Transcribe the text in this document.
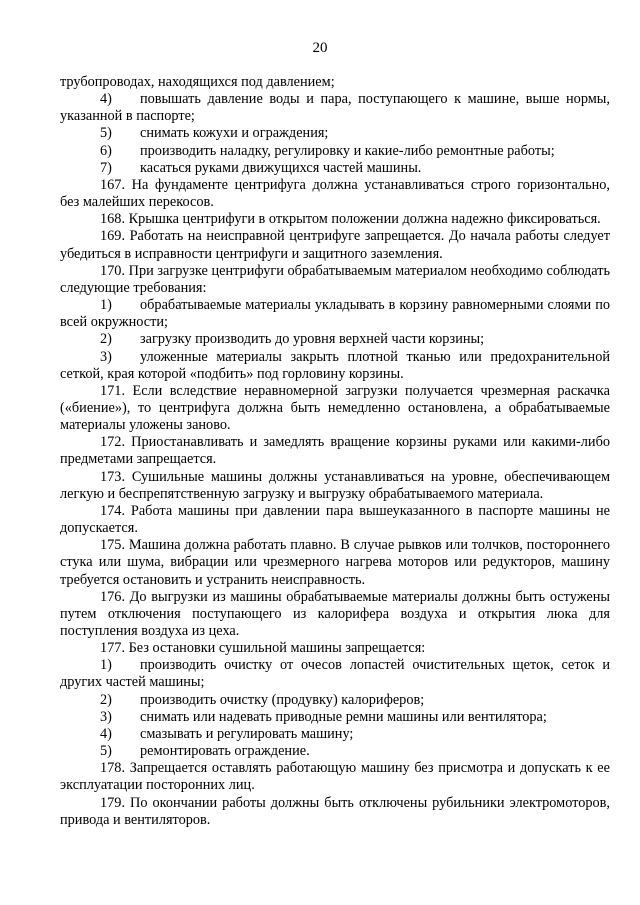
20
трубопроводах, находящихся под давлением;
4) повышать давление воды и пара, поступающего к машине, выше нормы, указанной в паспорте;
5) снимать кожухи и ограждения;
6) производить наладку, регулировку и какие-либо ремонтные работы;
7) касаться руками движущихся частей машины.
167. На фундаменте центрифуга должна устанавливаться строго горизонтально, без малейших перекосов.
168. Крышка центрифуги в открытом положении должна надежно фиксироваться.
169. Работать на неисправной центрифуге запрещается. До начала работы следует убедиться в исправности центрифуги и защитного заземления.
170. При загрузке центрифуги обрабатываемым материалом необходимо соблюдать следующие требования:
1) обрабатываемые материалы укладывать в корзину равномерными слоями по всей окружности;
2) загрузку производить до уровня верхней части корзины;
3) уложенные материалы закрыть плотной тканью или предохранительной сеткой, края которой «подбить» под горловину корзины.
171. Если вследствие неравномерной загрузки получается чрезмерная раскачка («биение»), то центрифуга должна быть немедленно остановлена, а обрабатываемые материалы уложены заново.
172. Приостанавливать и замедлять вращение корзины руками или какими-либо предметами запрещается.
173. Сушильные машины должны устанавливаться на уровне, обеспечивающем легкую и беспрепятственную загрузку и выгрузку обрабатываемого материала.
174. Работа машины при давлении пара вышеуказанного в паспорте машины не допускается.
175. Машина должна работать плавно. В случае рывков или толчков, постороннего стука или шума, вибрации или чрезмерного нагрева моторов или редукторов, машину требуется остановить и устранить неисправность.
176. До выгрузки из машины обрабатываемые материалы должны быть остужены путем отключения поступающего из калорифера воздуха и открытия люка для поступления воздуха из цеха.
177. Без остановки сушильной машины запрещается:
1) производить очистку от очесов лопастей очистительных щеток, сеток и других частей машины;
2) производить очистку (продувку) калориферов;
3) снимать или надевать приводные ремни машины или вентилятора;
4) смазывать и регулировать машину;
5) ремонтировать ограждение.
178. Запрещается оставлять работающую машину без присмотра и допускать к ее эксплуатации посторонних лиц.
179. По окончании работы должны быть отключены рубильники электромоторов, привода и вентиляторов.
